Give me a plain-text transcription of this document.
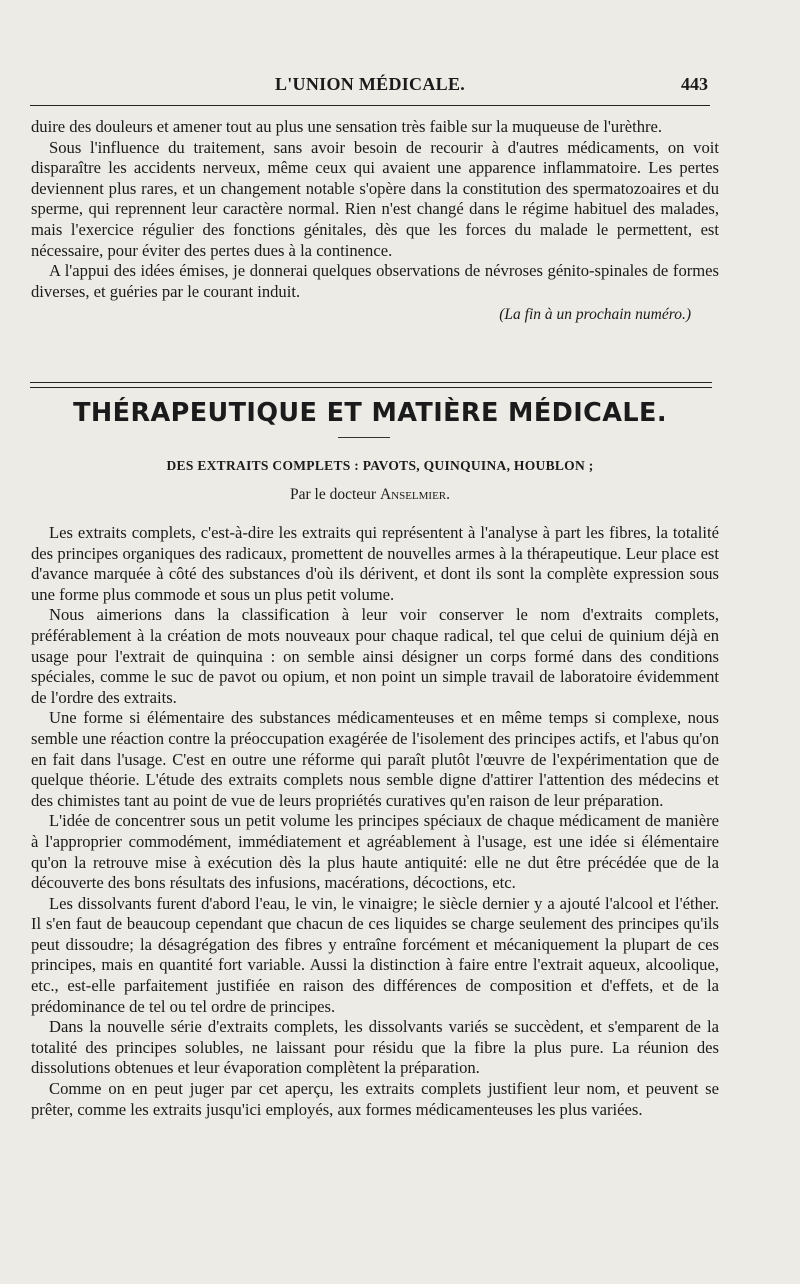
L'UNION MÉDICALE.	443

duire des douleurs et amener tout au plus une sensation très faible sur la muqueuse de l'urèthre.

Sous l'influence du traitement, sans avoir besoin de recourir à d'autres médicaments, on voit disparaître les accidents nerveux, même ceux qui avaient une apparence inflammatoire. Les pertes deviennent plus rares, et un changement notable s'opère dans la constitution des spermatozoaires et du sperme, qui reprennent leur caractère normal. Rien n'est changé dans le régime habituel des malades, mais l'exercice régulier des fonctions génitales, dès que les forces du malade le permettent, est nécessaire, pour éviter des pertes dues à la continence.

A l'appui des idées émises, je donnerai quelques observations de névroses génito-spinales de formes diverses, et guéries par le courant induit.

(La fin à un prochain numéro.)
THÉRAPEUTIQUE ET MATIÈRE MÉDICALE.
DES EXTRAITS COMPLETS : PAVOTS, QUINQUINA, HOUBLON ;
Par le docteur Anselmier.

Les extraits complets, c'est-à-dire les extraits qui représentent à l'analyse à part les fibres, la totalité des principes organiques des radicaux, promettent de nouvelles armes à la thérapeutique. Leur place est d'avance marquée à côté des substances d'où ils dérivent, et dont ils sont la complète expression sous une forme plus commode et sous un plus petit volume.

Nous aimerions dans la classification à leur voir conserver le nom d'extraits complets, préférablement à la création de mots nouveaux pour chaque radical, tel que celui de quinium déjà en usage pour l'extrait de quinquina : on semble ainsi désigner un corps formé dans des conditions spéciales, comme le suc de pavot ou opium, et non point un simple travail de laboratoire évidemment de l'ordre des extraits.

Une forme si élémentaire des substances médicamenteuses et en même temps si complexe, nous semble une réaction contre la préoccupation exagérée de l'isolement des principes actifs, et l'abus qu'on en fait dans l'usage. C'est en outre une réforme qui paraît plutôt l'œuvre de l'expérimentation que de quelque théorie. L'étude des extraits complets nous semble digne d'attirer l'attention des médecins et des chimistes tant au point de vue de leurs propriétés curatives qu'en raison de leur préparation.

L'idée de concentrer sous un petit volume les principes spéciaux de chaque médicament de manière à l'approprier commodément, immédiatement et agréablement à l'usage, est une idée si élémentaire qu'on la retrouve mise à exécution dès la plus haute antiquité: elle ne dut être précédée que de la découverte des bons résultats des infusions, macérations, décoctions, etc.

Les dissolvants furent d'abord l'eau, le vin, le vinaigre; le siècle dernier y a ajouté l'alcool et l'éther. Il s'en faut de beaucoup cependant que chacun de ces liquides se charge seulement des principes qu'ils peut dissoudre; la désagrégation des fibres y entraîne forcément et mécaniquement la plupart de ces principes, mais en quantité fort variable. Aussi la distinction à faire entre l'extrait aqueux, alcoolique, etc., est-elle parfaitement justifiée en raison des différences de composition et d'effets, et de la prédominance de tel ou tel ordre de principes.

Dans la nouvelle série d'extraits complets, les dissolvants variés se succèdent, et s'emparent de la totalité des principes solubles, ne laissant pour résidu que la fibre la plus pure. La réunion des dissolutions obtenues et leur évaporation complètent la préparation.

Comme on en peut juger par cet aperçu, les extraits complets justifient leur nom, et peuvent se prêter, comme les extraits jusqu'ici employés, aux formes médicamenteuses les plus variées.
